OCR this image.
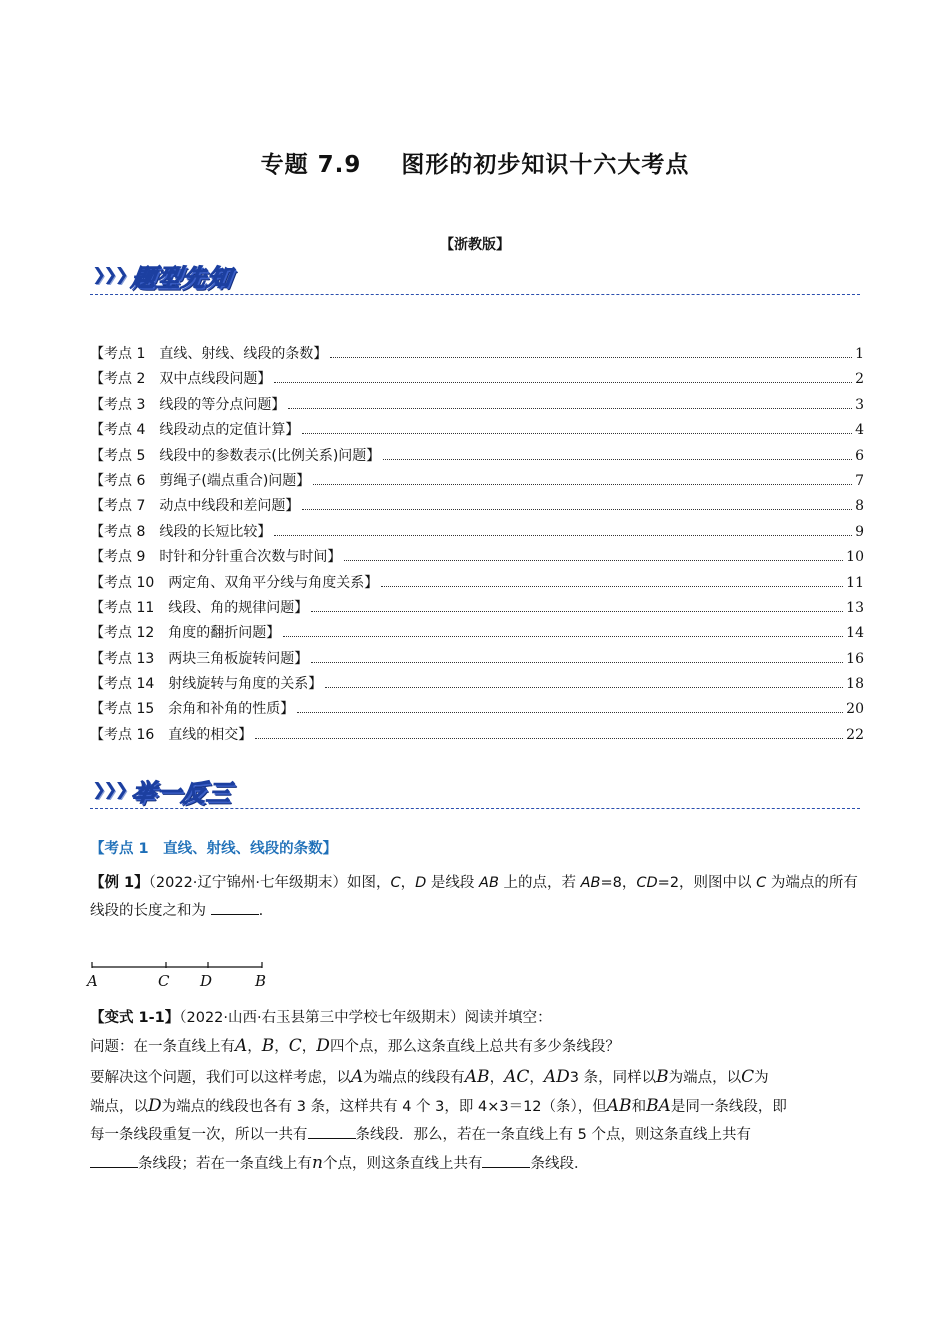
专题 7.9 图形的初步知识十六大考点
【浙教版】
❯❯❯ 题型先知
【考点 1　直线、射线、线段的条数】	1
【考点 2　双中点线段问题】	2
【考点 3　线段的等分点问题】	3
【考点 4　线段动点的定值计算】	4
【考点 5　线段中的参数表示(比例关系)问题】	6
【考点 6　剪绳子(端点重合)问题】	7
【考点 7　动点中线段和差问题】	8
【考点 8　线段的长短比较】	9
【考点 9　时针和分针重合次数与时间】	10
【考点 10　两定角、双角平分线与角度关系】	11
【考点 11　线段、角的规律问题】	13
【考点 12　角度的翻折问题】	14
【考点 13　两块三角板旋转问题】	16
【考点 14　射线旋转与角度的关系】	18
【考点 15　余角和补角的性质】	20
【考点 16　直线的相交】	22
❯❯❯ 举一反三
【考点 1　直线、射线、线段的条数】
【例 1】（2022·辽宁锦州·七年级期末）如图，C，D 是线段 AB 上的点，若 AB=8，CD=2，则图中以 C 为端点的所有线段的长度之和为	.
A	C D	B
【变式 1-1】（2022·山西·右玉县第三中学校七年级期末）阅读并填空：
问题：在一条直线上有A，B，C，D四个点，那么这条直线上总共有多少条线段？
要解决这个问题，我们可以这样考虑，以A为端点的线段有AB，AC，AD3 条，同样以B为端点，以C为
端点，以D为端点的线段也各有 3 条，这样共有 4 个 3，即 4×3＝12（条），但AB和BA是同一条线段，即
每一条线段重复一次，所以一共有	条线段．那么，若在一条直线上有 5 个点，则这条直线上共有
条线段；若在一条直线上有n个点，则这条直线上共有	条线段．
